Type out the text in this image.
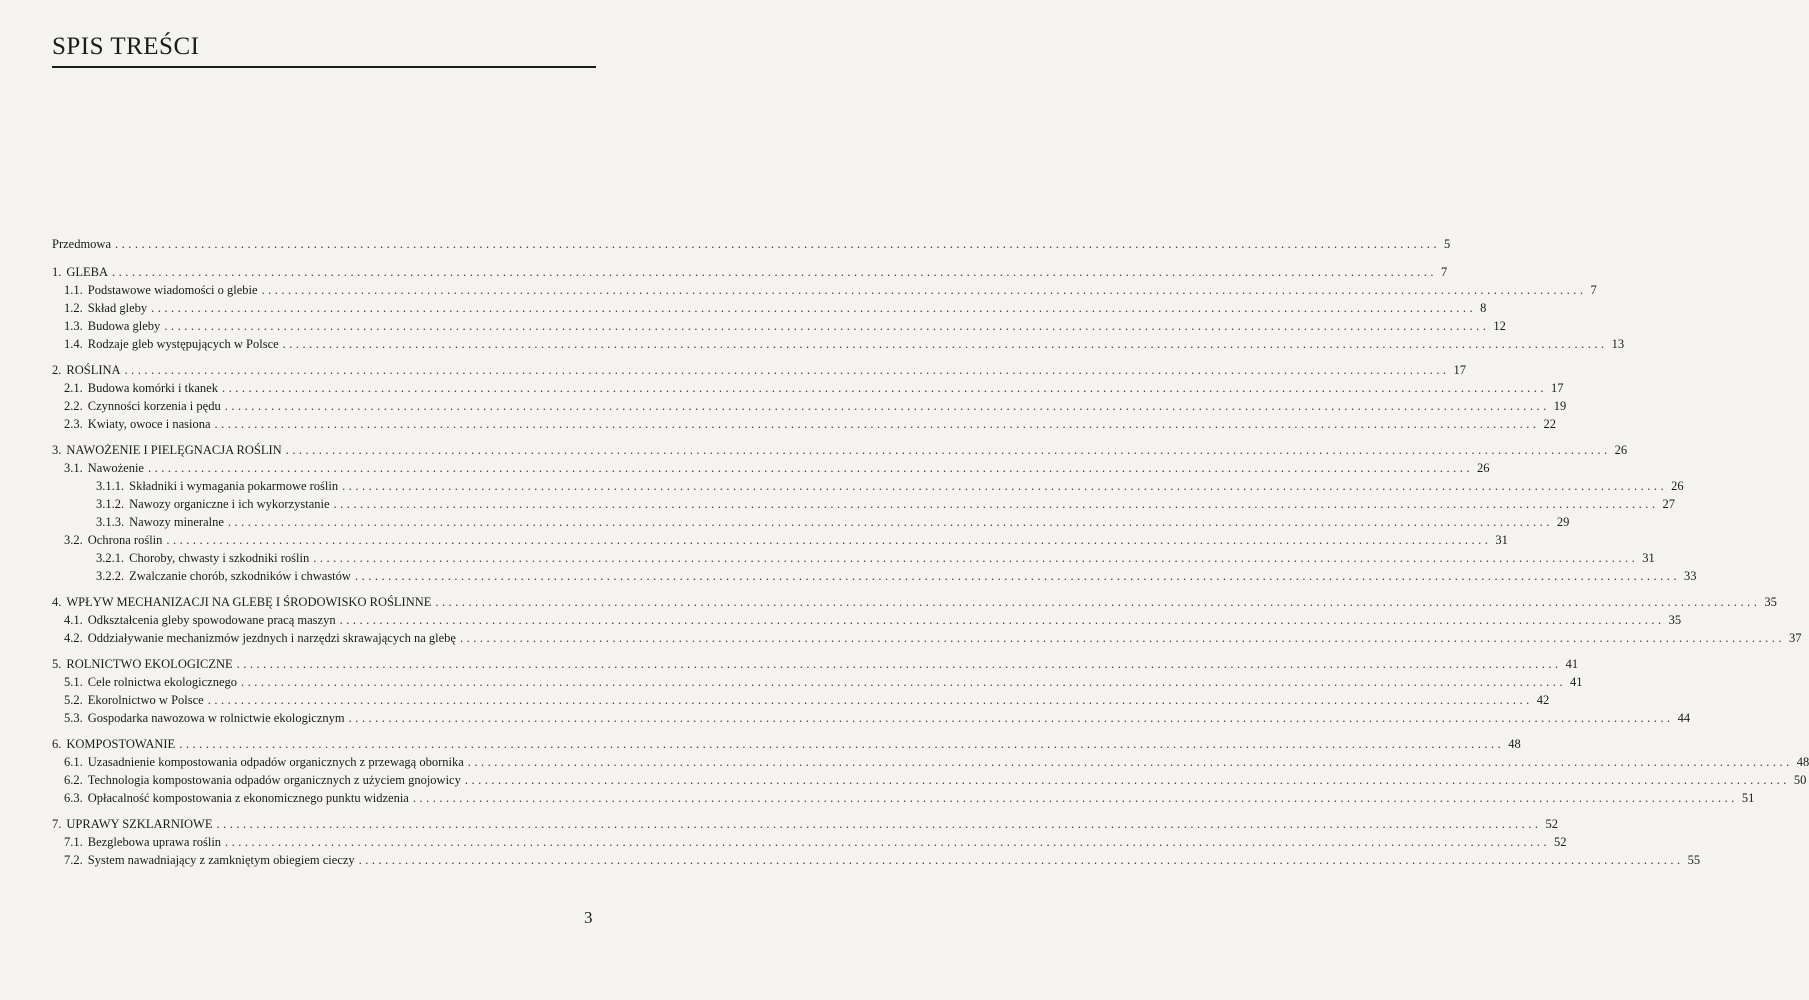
SPIS TREŚCI
Przedmowa ........................................................................................................................................................................................................ 5
1. GLEBA ........................................................................................................................................................................................................ 7
1.1. Podstawowe wiadomości o glebie ........................................................................................................................................................................................................ 7
1.2. Skład gleby ........................................................................................................................................................................................................ 8
1.3. Budowa gleby ........................................................................................................................................................................................................ 12
1.4. Rodzaje gleb występujących w Polsce ........................................................................................................................................................................................................ 13
2. ROŚLINA ........................................................................................................................................................................................................ 17
2.1. Budowa komórki i tkanek ........................................................................................................................................................................................................ 17
2.2. Czynności korzenia i pędu ........................................................................................................................................................................................................ 19
2.3. Kwiaty, owoce i nasiona ........................................................................................................................................................................................................ 22
3. NAWOŻENIE I PIELĘGNACJA ROŚLIN ........................................................................................................................................................................................................ 26
3.1. Nawożenie ........................................................................................................................................................................................................ 26
3.1.1. Składniki i wymagania pokarmowe roślin ........................................................................................................................................................................................................ 26
3.1.2. Nawozy organiczne i ich wykorzystanie ........................................................................................................................................................................................................ 27
3.1.3. Nawozy mineralne ........................................................................................................................................................................................................ 29
3.2. Ochrona roślin ........................................................................................................................................................................................................ 31
3.2.1. Choroby, chwasty i szkodniki roślin ........................................................................................................................................................................................................ 31
3.2.2. Zwalczanie chorób, szkodników i chwastów ........................................................................................................................................................................................................ 33
4. WPŁYW MECHANIZACJI NA GLEBĘ I ŚRODOWISKO ROŚLINNE ........................................................................................................................................................................................................ 35
4.1. Odkształcenia gleby spowodowane pracą maszyn ........................................................................................................................................................................................................ 35
4.2. Oddziaływanie mechanizmów jezdnych i narzędzi skrawających na glebę ........................................................................................................................................................................................................ 37
5. ROLNICTWO EKOLOGICZNE ........................................................................................................................................................................................................ 41
5.1. Cele rolnictwa ekologicznego ........................................................................................................................................................................................................ 41
5.2. Ekorolnictwo w Polsce ........................................................................................................................................................................................................ 42
5.3. Gospodarka nawozowa w rolnictwie ekologicznym ........................................................................................................................................................................................................ 44
6. KOMPOSTOWANIE ........................................................................................................................................................................................................ 48
6.1. Uzasadnienie kompostowania odpadów organicznych z przewagą obornika ........................................................................................................................................................................................................ 48
6.2. Technologia kompostowania odpadów organicznych z użyciem gnojowicy ........................................................................................................................................................................................................ 50
6.3. Opłacalność kompostowania z ekonomicznego punktu widzenia ........................................................................................................................................................................................................ 51
7. UPRAWY SZKLARNIOWE ........................................................................................................................................................................................................ 52
7.1. Bezglebowa uprawa roślin ........................................................................................................................................................................................................ 52
7.2. System nawadniający z zamkniętym obiegiem cieczy ........................................................................................................................................................................................................ 55
3
